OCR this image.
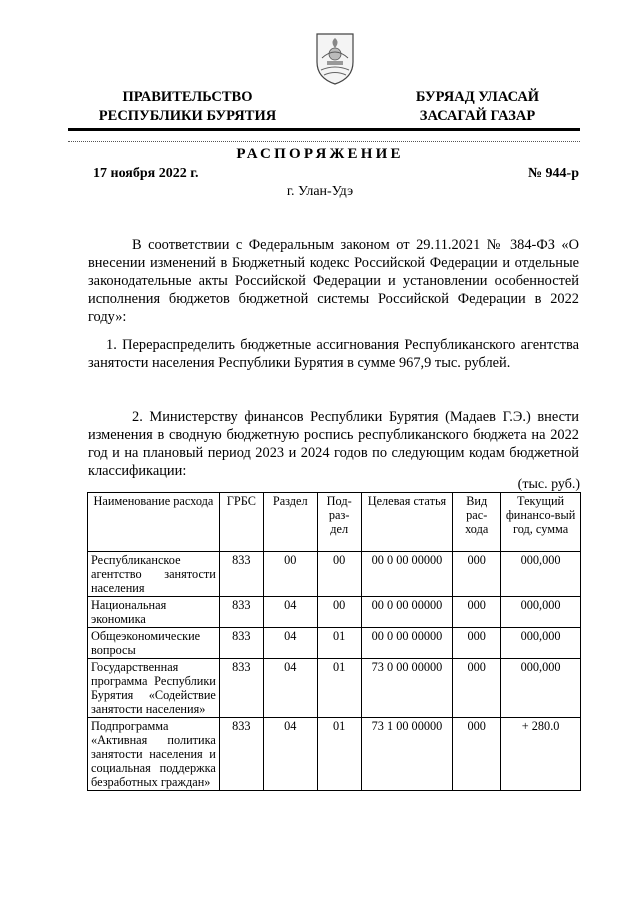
ПРАВИТЕЛЬСТВО
РЕСПУБЛИКИ БУРЯТИЯ
БУРЯАД УЛАСАЙ
ЗАСАГАЙ ГАЗАР
РАСПОРЯЖЕНИЕ
17 ноября 2022 г.	№ 944-р
г. Улан-Удэ

В соответствии с Федеральным законом от 29.11.2021 № 384-ФЗ «О внесении изменений в Бюджетный кодекс Российской Федерации и отдельные законодательные акты Российской Федерации и установлении особенностей исполнения бюджетов бюджетной системы Российской Федерации в 2022 году»:

1. Перераспределить бюджетные ассигнования Республиканского агентства занятости населения Республики Бурятия в сумме 967,9 тыс. рублей.

2. Министерству финансов Республики Бурятия (Мадаев Г.Э.) внести изменения в сводную бюджетную роспись республиканского бюджета на 2022 год и на плановый период 2023 и 2024 годов по следующим кодам бюджетной классификации:

(тыс. руб.)
Наименование расхода	ГРБС	Раздел	Под-раз-дел	Целевая статья	Вид рас-хода	Текущий финансо-вый год, сумма
Республиканское агентство занятости населения	833	00	00	00 0 00 00000	000	000,000
Национальная экономика	833	04	00	00 0 00 00000	000	000,000
Общеэкономические вопросы	833	04	01	00 0 00 00000	000	000,000
Государственная программа Республики Бурятия «Содействие занятости населения»	833	04	01	73 0 00 00000	000	000,000
Подпрограмма «Активная политика занятости населения и социальная поддержка безработных граждан»	833	04	01	73 1 00 00000	000	+ 280.0
